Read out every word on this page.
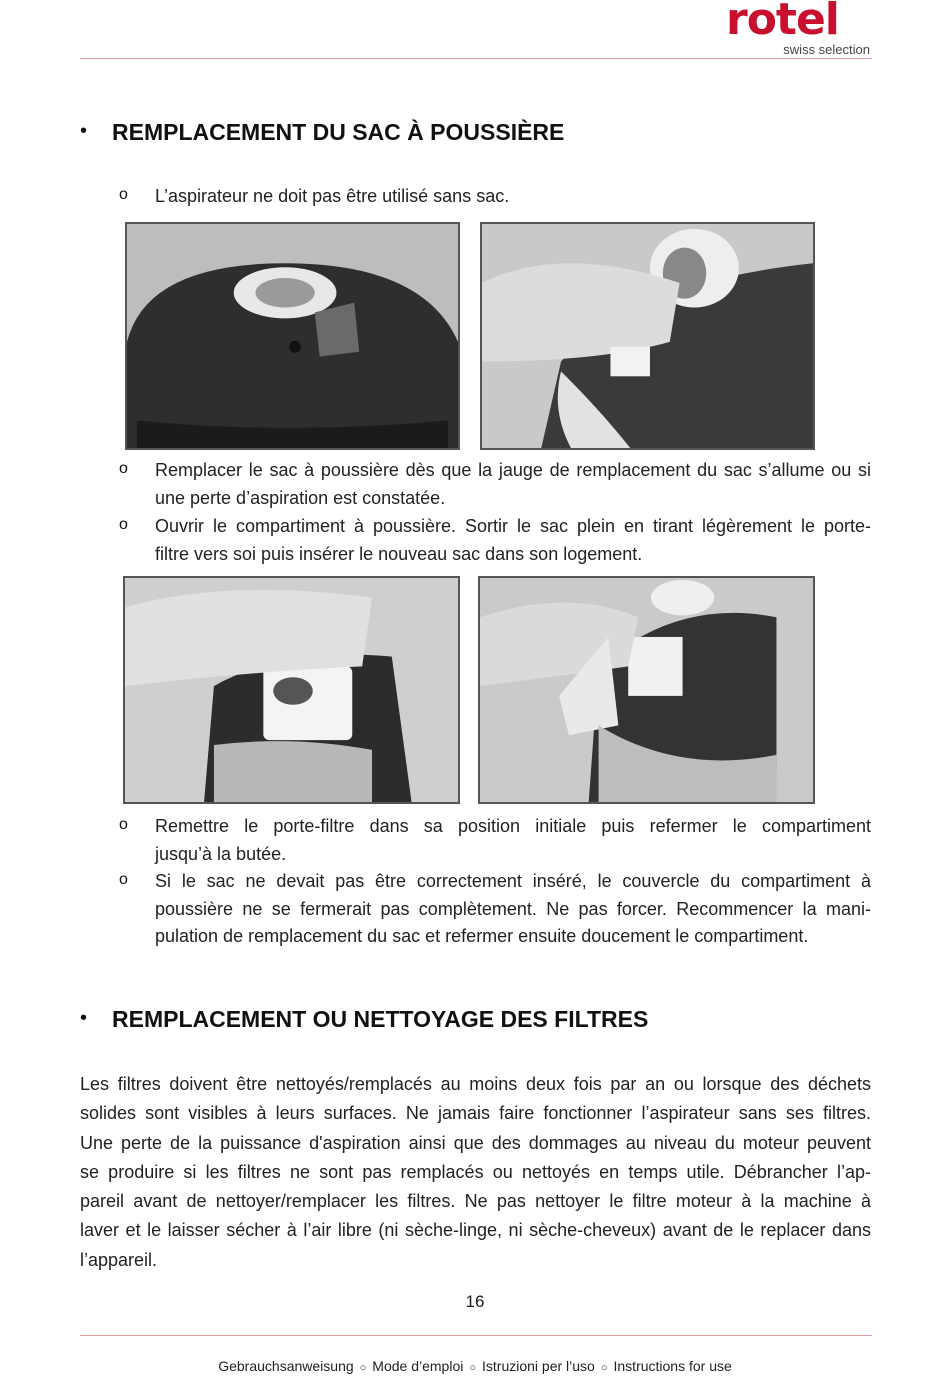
rotel
swiss selection
• REMPLACEMENT DU SAC À POUSSIÈRE
o L’aspirateur ne doit pas être utilisé sans sac.
o Remplacer le sac à poussière dès que la jauge de remplacement du sac s’allume ou si
une perte d’aspiration est constatée.
o Ouvrir le compartiment à poussière. Sortir le sac plein en tirant légèrement le porte-
filtre vers soi puis insérer le nouveau sac dans son logement.
o Remettre le porte-filtre dans sa position initiale puis refermer le compartiment
jusqu’à la butée.
o Si le sac ne devait pas être correctement inséré, le couvercle du compartiment à
poussière ne se fermerait pas complètement. Ne pas forcer. Recommencer la mani-
pulation de remplacement du sac et refermer ensuite doucement le compartiment.
• REMPLACEMENT OU NETTOYAGE DES FILTRES
Les filtres doivent être nettoyés/remplacés au moins deux fois par an ou lorsque des déchets
solides sont visibles à leurs surfaces. Ne jamais faire fonctionner l’aspirateur sans ses filtres.
Une perte de la puissance d'aspiration ainsi que des dommages au niveau du moteur peuvent
se produire si les filtres ne sont pas remplacés ou nettoyés en temps utile. Débrancher l’ap-
pareil avant de nettoyer/remplacer les filtres. Ne pas nettoyer le filtre moteur à la machine à
laver et le laisser sécher à l’air libre (ni sèche-linge, ni sèche-cheveux) avant de le replacer dans
l’appareil.
16
Gebrauchsanweisung ○ Mode d’emploi ○ Istruzioni per l’uso ○ Instructions for use
